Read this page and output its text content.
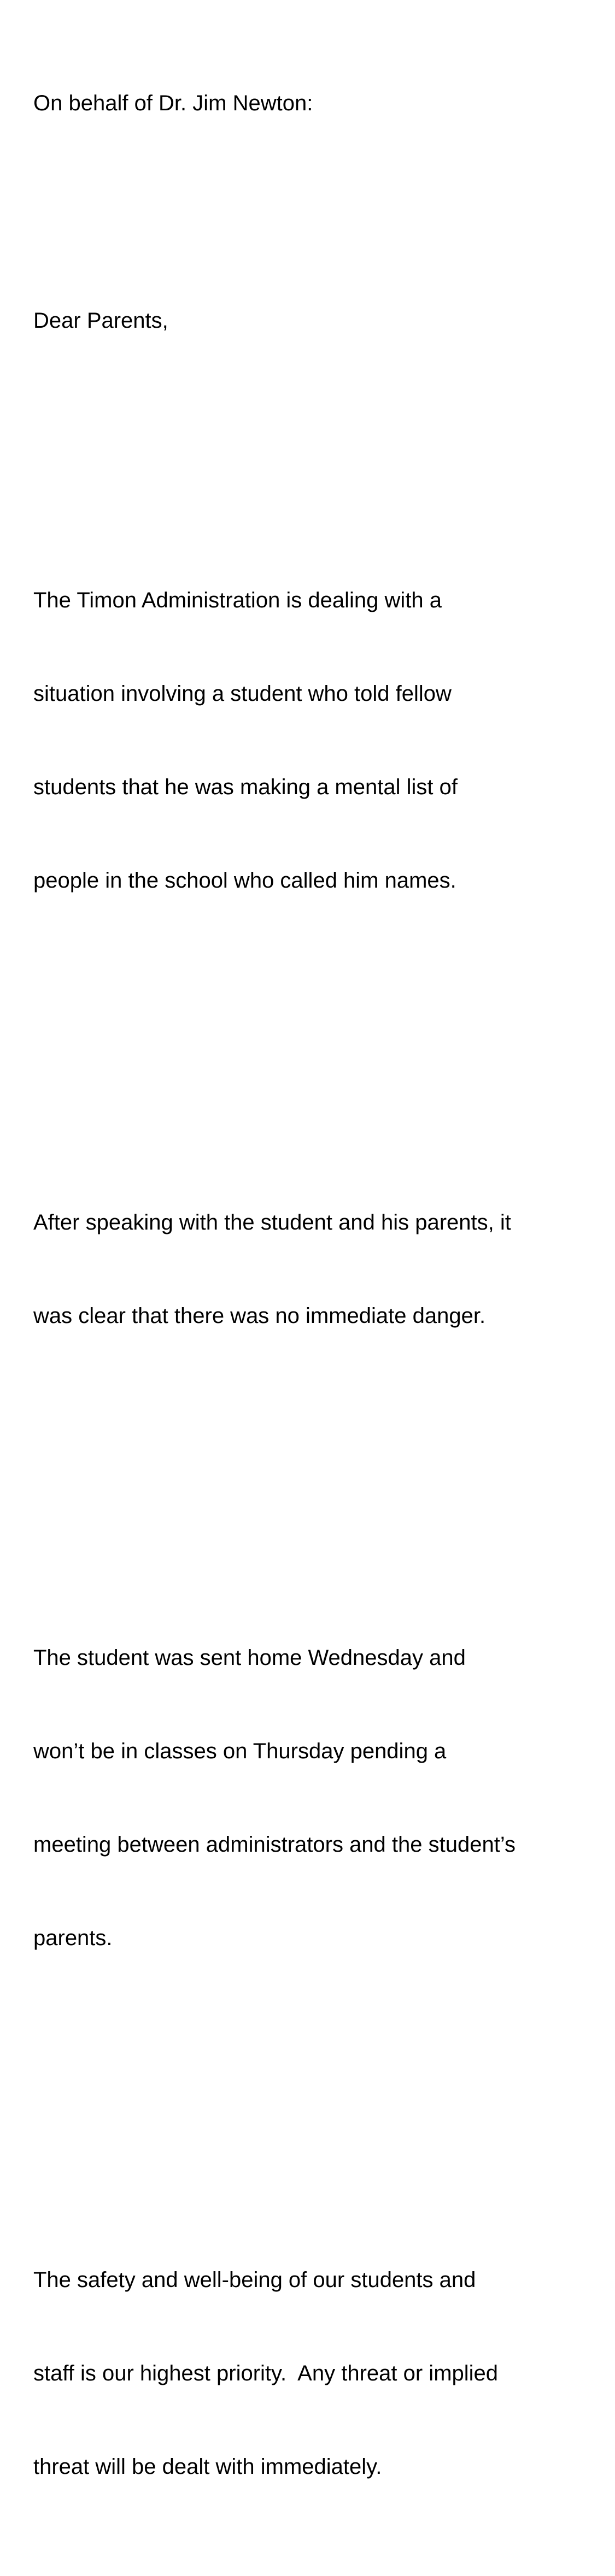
On behalf of Dr. Jim Newton:

Dear Parents,

The Timon Administration is dealing with a

situation involving a student who told fellow

students that he was making a mental list of

people in the school who called him names.

After speaking with the student and his parents, it

was clear that there was no immediate danger.

The student was sent home Wednesday and

won’t be in classes on Thursday pending a

meeting between administrators and the student’s

parents.

The safety and well-being of our students and

staff is our highest priority.  Any threat or implied

threat will be dealt with immediately.
